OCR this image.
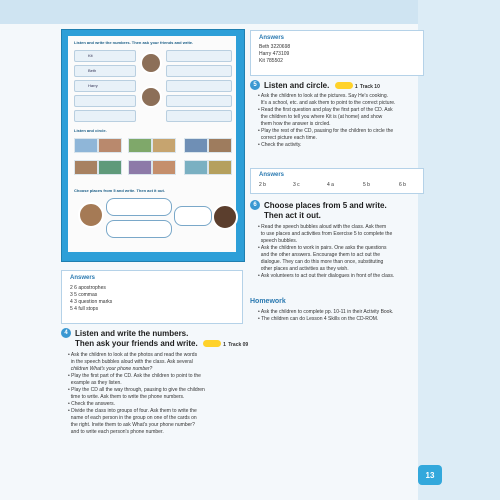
Listen and write the numbers. Then ask your friends and write.
Kit
Beth
Harry
Listen and circle.
Choose places from 5 and write. Then act it out.
Answers
Beth 3220698
Harry 473109
Kit 785502
5 Listen and circle.	1 Track 10
• Ask the children to look at the pictures. Say He's cooking.
It's a school, etc. and ask them to point to the correct picture.
• Read the first question and play the first part of the CD. Ask
the children to tell you where Kit is (at home) and show
them how the answer is circled.
• Play the rest of the CD, pausing for the children to circle the
correct picture each time.
• Check the activity.
Answers
2 b	3 c	4 a	5 b	6 b
6 Choose places from 5 and write.
Then act it out.
• Read the speech bubbles aloud with the class. Ask them
to use places and activities from Exercise 5 to complete the
speech bubbles.
• Ask the children to work in pairs. One asks the questions
and the other answers. Encourage them to act out the
dialogue. They can do this more than once, substituting
other places and activities as they wish.
• Ask volunteers to act out their dialogues in front of the class.
Homework
• Ask the children to complete pp. 10-11 in their Activity Book.
• The children can do Lesson 4 Skills on the CD-ROM.
Answers
2 6 apostrophes
3 5 commas
4 3 question marks
5 4 full stops
4 Listen and write the numbers.
Then ask your friends and write.	1 Track 09
• Ask the children to look at the photos and read the words
in the speech bubbles aloud with the class. Ask several
children What's your phone number?
• Play the first part of the CD. Ask the children to point to the
example as they listen.
• Play the CD all the way through, pausing to give the children
time to write. Ask them to write the phone numbers.
• Check the answers.
• Divide the class into groups of four. Ask them to write the
name of each person in the group on one of the cards on
the right. Invite them to ask What's your phone number?
and to write each person's phone number.
13
